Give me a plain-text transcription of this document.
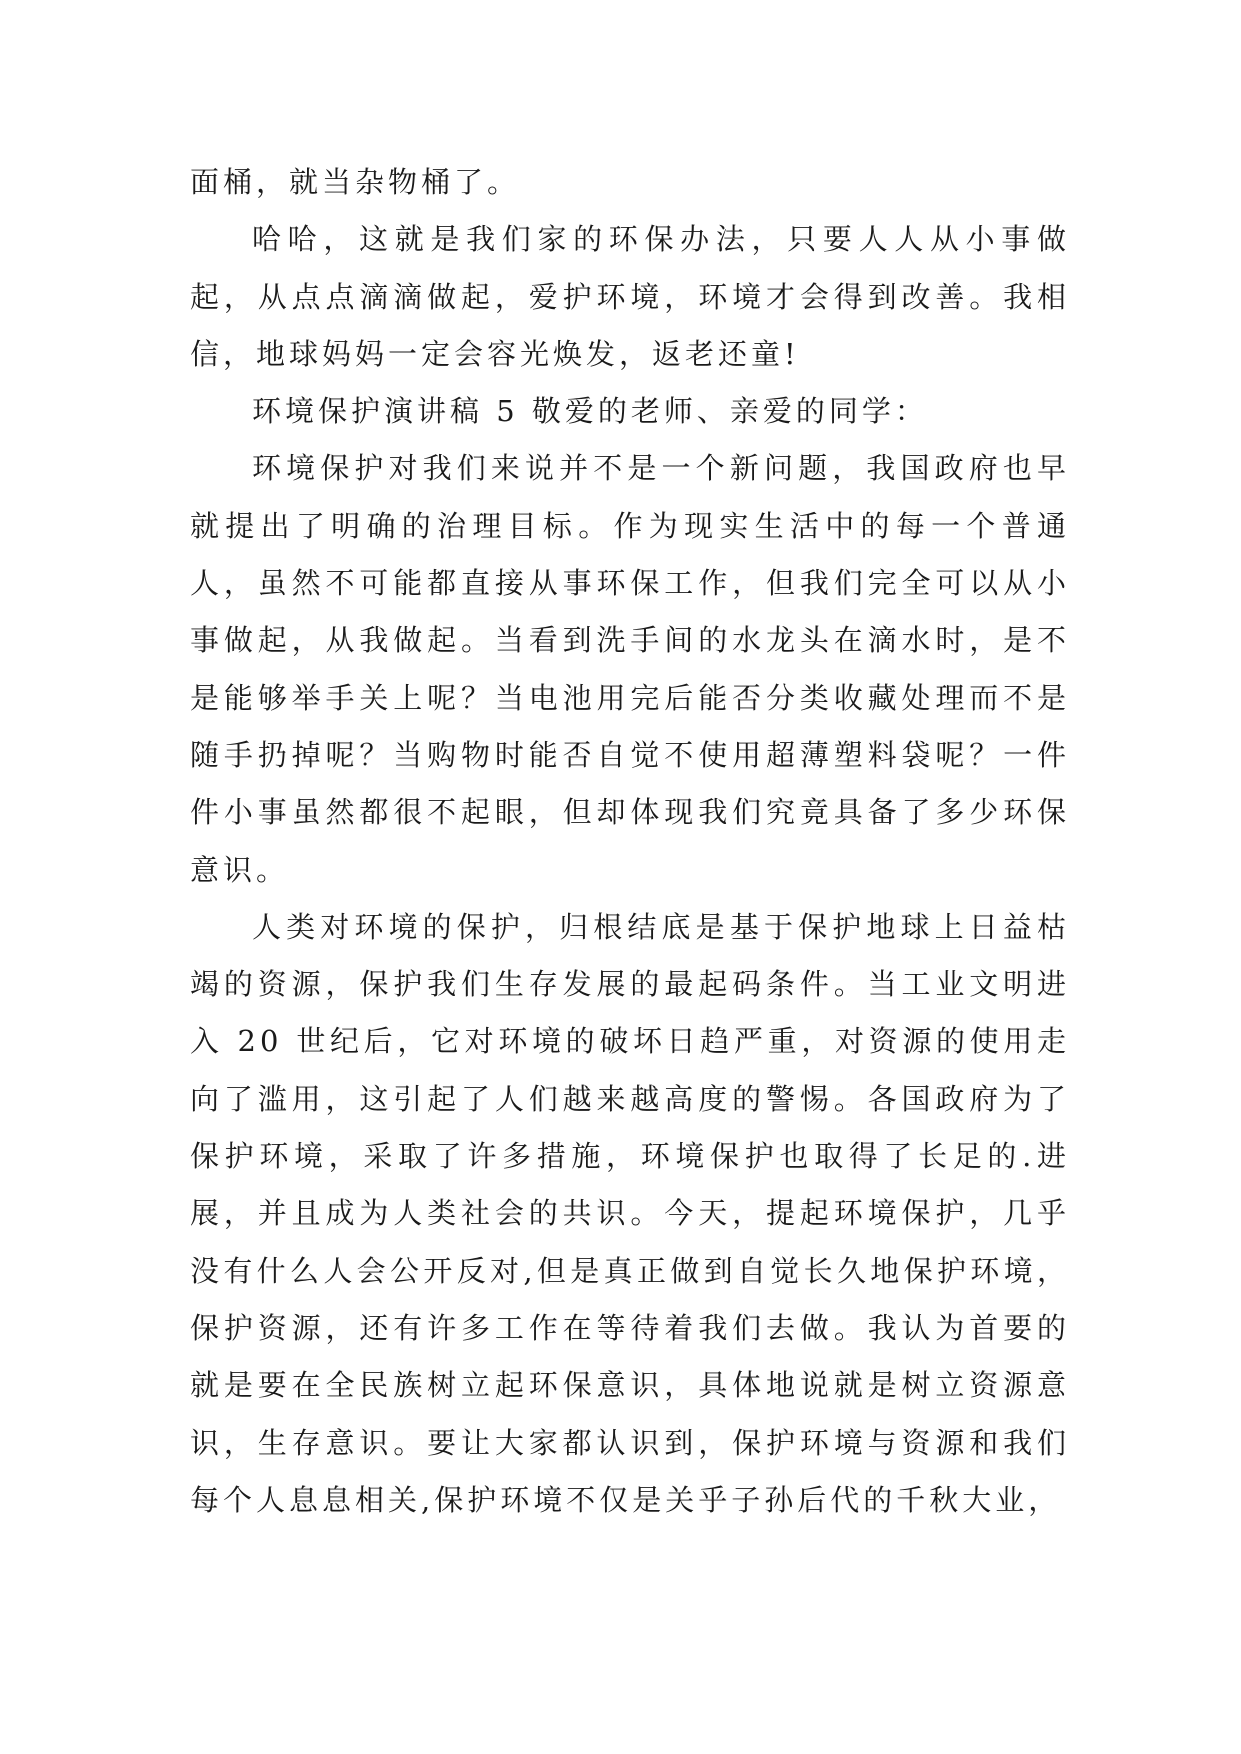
面桶，就当杂物桶了。

哈哈，这就是我们家的环保办法，只要人人从小事做起，从点点滴滴做起，爱护环境，环境才会得到改善。我相信，地球妈妈一定会容光焕发，返老还童!

环境保护演讲稿 5 敬爱的老师、亲爱的同学：

环境保护对我们来说并不是一个新问题，我国政府也早就提出了明确的治理目标。作为现实生活中的每一个普通人，虽然不可能都直接从事环保工作，但我们完全可以从小事做起，从我做起。当看到洗手间的水龙头在滴水时，是不是能够举手关上呢？当电池用完后能否分类收藏处理而不是随手扔掉呢？当购物时能否自觉不使用超薄塑料袋呢？一件件小事虽然都很不起眼，但却体现我们究竟具备了多少环保意识。

人类对环境的保护，归根结底是基于保护地球上日益枯竭的资源，保护我们生存发展的最起码条件。当工业文明进入 20 世纪后，它对环境的破坏日趋严重，对资源的使用走向了滥用，这引起了人们越来越高度的警惕。各国政府为了保护环境，采取了许多措施，环境保护也取得了长足的.进展，并且成为人类社会的共识。今天，提起环境保护，几乎没有什么人会公开反对,但是真正做到自觉长久地保护环境，保护资源，还有许多工作在等待着我们去做。我认为首要的就是要在全民族树立起环保意识，具体地说就是树立资源意识，生存意识。要让大家都认识到，保护环境与资源和我们每个人息息相关,保护环境不仅是关乎子孙后代的千秋大业，
